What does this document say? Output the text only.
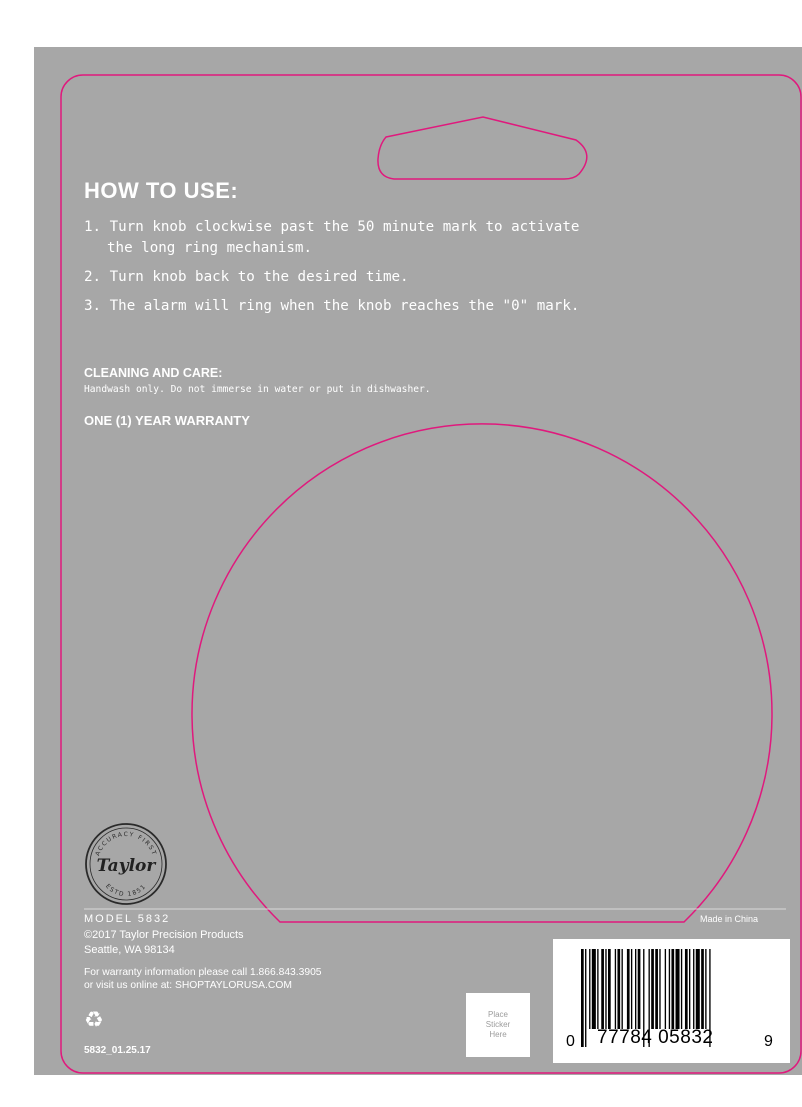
HOW TO USE:
1. Turn knob clockwise past the 50 minute mark to activate
the long ring mechanism.
2. Turn knob back to the desired time.
3. The alarm will ring when the knob reaches the "0" mark.

CLEANING AND CARE:

Handwash only. Do not immerse in water or put in dishwasher.

ONE (1) YEAR WARRANTY

ACCURACY FIRST
ESTD 1851
Taylor

MODEL 5832

©2017 Taylor Precision Products

Seattle, WA 98134

For warranty information please call 1.866.843.3905
or visit us online at: SHOPTAYLORUSA.COM

♻

5832_01.25.17

Made in China

Place
Sticker
Here	0 77784 05832	9
